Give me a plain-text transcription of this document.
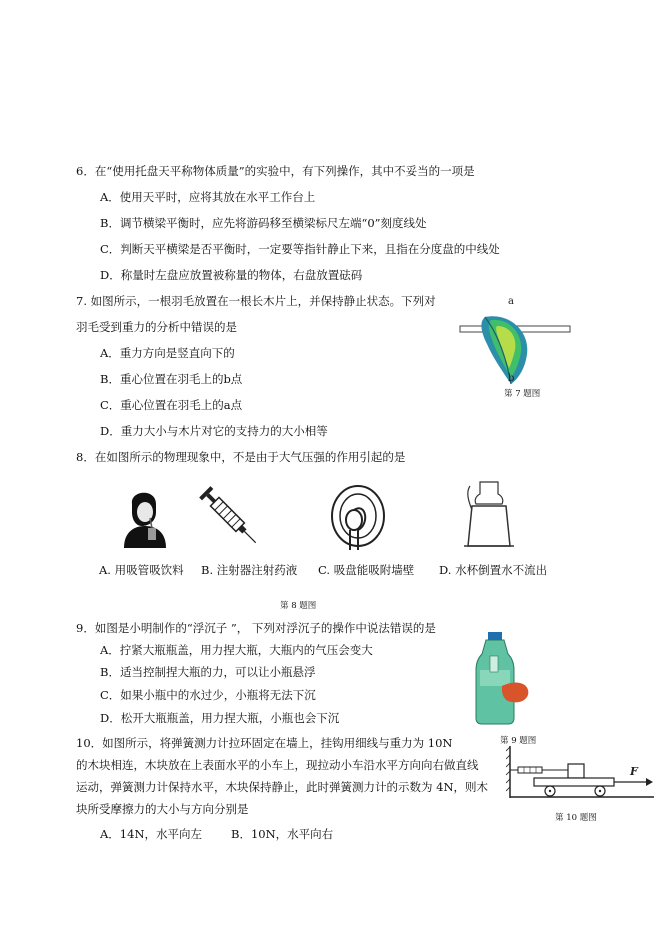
6．在“使用托盘天平称物体质量”的实验中，有下列操作，其中不妥当的一项是
A．使用天平时，应将其放在水平工作台上
B．调节横梁平衡时，应先将游码移至横梁标尺左端“0”刻度线处
C．判断天平横梁是否平衡时，一定要等指针静止下来，且指在分度盘的中线处
D．称量时左盘应放置被称量的物体，右盘放置砝码
7. 如图所示，一根羽毛放置在一根长木片上，并保持静止状态。下列对
羽毛受到重力的分析中错误的是
A．重力方向是竖直向下的
B．重心位置在羽毛上的b点
C．重心位置在羽毛上的a点
D．重力大小与木片对它的支持力的大小相等
a
b
第 7 题图
8．在如图所示的物理现象中，不是由于大气压强的作用引起的是
A. 用吸管吸饮料 B. 注射器注射药液 C. 吸盘能吸附墙壁 D. 水杯倒置水不流出
第 8 题图
9．如图是小明制作的“浮沉子 ”， 下列对浮沉子的操作中说法错误的是
A．拧紧大瓶瓶盖，用力捏大瓶，大瓶内的气压会变大
B．适当控制捏大瓶的力，可以让小瓶悬浮
C．如果小瓶中的水过少，小瓶将无法下沉
D．松开大瓶瓶盖，用力捏大瓶，小瓶也会下沉
第 9 题图
10．如图所示，将弹簧测力计拉环固定在墙上，挂钩用细线与重力为 10N
的木块相连，木块放在上表面水平的小车上，现拉动小车沿水平方向向右做直线
运动，弹簧测力计保持水平，木块保持静止，此时弹簧测力计的示数为 4N，则木
块所受摩擦力的大小与方向分别是
A．14N，水平向左	B．10N，水平向右
F
第 10 题图
